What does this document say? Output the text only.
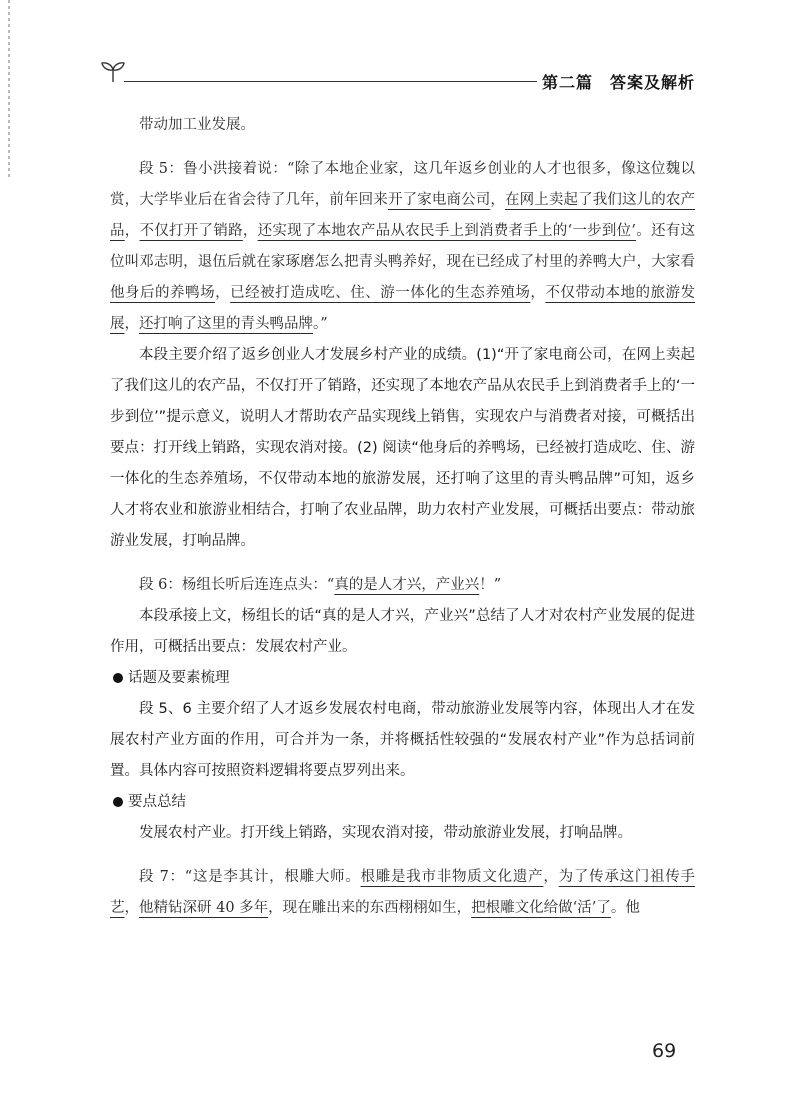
第二篇　答案及解析

带动加工业发展。

段 5：鲁小洪接着说：“除了本地企业家，这几年返乡创业的人才也很多，像这位魏以赏，大学毕业后在省会待了几年，前年回来开了家电商公司，在网上卖起了我们这儿的农产品，不仅打开了销路，还实现了本地农产品从农民手上到消费者手上的‘一步到位’。还有这位叫邓志明，退伍后就在家琢磨怎么把青头鸭养好，现在已经成了村里的养鸭大户，大家看他身后的养鸭场，已经被打造成吃、住、游一体化的生态养殖场，不仅带动本地的旅游发展，还打响了这里的青头鸭品牌。”

本段主要介绍了返乡创业人才发展乡村产业的成绩。(1)“开了家电商公司，在网上卖起了我们这儿的农产品，不仅打开了销路，还实现了本地农产品从农民手上到消费者手上的‘一步到位’”提示意义，说明人才帮助农产品实现线上销售，实现农户与消费者对接，可概括出要点：打开线上销路，实现农消对接。(2) 阅读“他身后的养鸭场，已经被打造成吃、住、游一体化的生态养殖场，不仅带动本地的旅游发展，还打响了这里的青头鸭品牌”可知，返乡人才将农业和旅游业相结合，打响了农业品牌，助力农村产业发展，可概括出要点：带动旅游业发展，打响品牌。

段 6：杨组长听后连连点头：“真的是人才兴，产业兴！”

本段承接上文，杨组长的话“真的是人才兴，产业兴”总结了人才对农村产业发展的促进作用，可概括出要点：发展农村产业。

话题及要素梳理

段 5、6 主要介绍了人才返乡发展农村电商，带动旅游业发展等内容，体现出人才在发展农村产业方面的作用，可合并为一条，并将概括性较强的“发展农村产业”作为总括词前置。具体内容可按照资料逻辑将要点罗列出来。

要点总结

发展农村产业。打开线上销路，实现农消对接，带动旅游业发展，打响品牌。

段 7：“这是李其计，根雕大师。根雕是我市非物质文化遗产，为了传承这门祖传手艺，他精钻深研 40 多年，现在雕出来的东西栩栩如生，把根雕文化给做‘活’了。他

69
